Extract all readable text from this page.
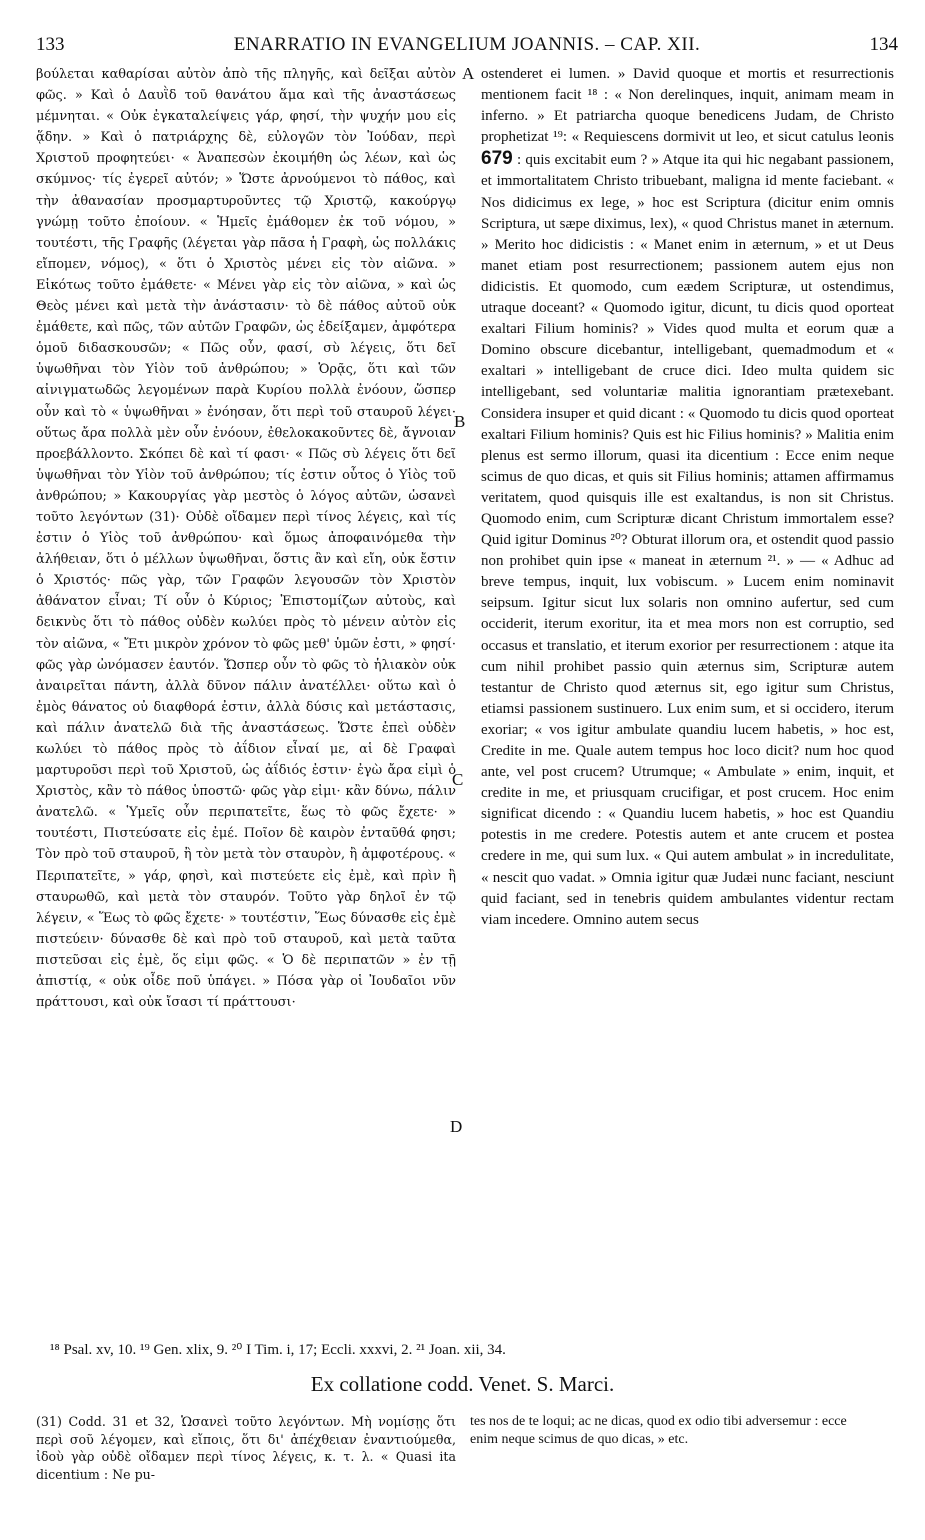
133	ENARRATIO IN EVANGELIUM JOANNIS. – CAP. XII.	134

βούλεται καθαρίσαι αὐτὸν ἀπὸ τῆς πληγῆς, καὶ δεῖξαι αὐτὸν φῶς. » Καὶ ὁ Δαυῒδ τοῦ θανάτου ἅμα καὶ τῆς ἀναστάσεως μέμνηται. « Οὐκ ἐγκαταλείψεις γάρ, φησί, τὴν ψυχήν μου εἰς ᾅδην. » Καὶ ὁ πατριάρχης δὲ, εὐλογῶν τὸν Ἰούδαν, περὶ Χριστοῦ προφητεύει· « Ἀναπεσὼν ἐκοιμήθη ὡς λέων, καὶ ὡς σκύμνος· τίς ἐγερεῖ αὐτόν; » Ὥστε ἀρνούμενοι τὸ πάθος, καὶ τὴν ἀθανασίαν προσμαρτυροῦντες τῷ Χριστῷ, κακούργῳ γνώμῃ τοῦτο ἐποίουν. « Ἡμεῖς ἐμάθομεν ἐκ τοῦ νόμου, » τουτέστι, τῆς Γραφῆς (λέγεται γὰρ πᾶσα ἡ Γραφὴ, ὡς πολλάκις εἴπομεν, νόμος), « ὅτι ὁ Χριστὸς μένει εἰς τὸν αἰῶνα. » Εἰκότως τοῦτο ἐμάθετε· « Μένει γὰρ εἰς τὸν αἰῶνα, » καὶ ὡς Θεὸς μένει καὶ μετὰ τὴν ἀνάστασιν· τὸ δὲ πάθος αὐτοῦ οὐκ ἐμάθετε, καὶ πῶς, τῶν αὐτῶν Γραφῶν, ὡς ἐδείξαμεν, ἀμφότερα ὁμοῦ διδασκουσῶν; « Πῶς οὖν, φασί, σὺ λέγεις, ὅτι δεῖ ὑψωθῆναι τὸν Υἱὸν τοῦ ἀνθρώπου; » Ὁρᾷς, ὅτι καὶ τῶν αἰνιγματωδῶς λεγομένων παρὰ Κυρίου πολλὰ ἐνόουν, ὥσπερ οὖν καὶ τὸ « ὑψωθῆναι » ἐνόησαν, ὅτι περὶ τοῦ σταυροῦ λέγει· οὕτως ἄρα πολλὰ μὲν οὖν ἐνόουν, ἐθελοκακοῦντες δὲ, ἄγνοιαν προεβάλλοντο. Σκόπει δὲ καὶ τί φασι· « Πῶς σὺ λέγεις ὅτι δεῖ ὑψωθῆναι τὸν Υἱὸν τοῦ ἀνθρώπου; τίς ἐστιν οὗτος ὁ Υἱὸς τοῦ ἀνθρώπου; » Κακουργίας γὰρ μεστὸς ὁ λόγος αὐτῶν, ὡσανεὶ τοῦτο λεγόντων (31)· Οὐδὲ οἴδαμεν περὶ τίνος λέγεις, καὶ τίς ἐστιν ὁ Υἱὸς τοῦ ἀνθρώπου· καὶ ὅμως ἀποφαινόμεθα τὴν ἀλήθειαν, ὅτι ὁ μέλλων ὑψωθῆναι, ὅστις ἂν καὶ εἴη, οὐκ ἔστιν ὁ Χριστός· πῶς γὰρ, τῶν Γραφῶν λεγουσῶν τὸν Χριστὸν ἀθάνατον εἶναι; Τί οὖν ὁ Κύριος; Ἐπιστομίζων αὐτοὺς, καὶ δεικνὺς ὅτι τὸ πάθος οὐδὲν κωλύει πρὸς τὸ μένειν αὐτὸν εἰς τὸν αἰῶνα, « Ἔτι μικρὸν χρόνον τὸ φῶς μεθ' ὑμῶν ἐστι, » φησί· φῶς γὰρ ὠνόμασεν ἑαυτόν. Ὥσπερ οὖν τὸ φῶς τὸ ἡλιακὸν οὐκ ἀναιρεῖται πάντη, ἀλλὰ δῦνον πάλιν ἀνατέλλει· οὕτω καὶ ὁ ἐμὸς θάνατος οὐ διαφθορά ἐστιν, ἀλλὰ δύσις καὶ μετάστασις, καὶ πάλιν ἀνατελῶ διὰ τῆς ἀναστάσεως. Ὥστε ἐπεὶ οὐδὲν κωλύει τὸ πάθος πρὸς τὸ ἀΐδιον εἶναί με, αἱ δὲ Γραφαὶ μαρτυροῦσι περὶ τοῦ Χριστοῦ, ὡς ἀΐδιός ἐστιν· ἐγὼ ἄρα εἰμὶ ὁ Χριστὸς, κἂν τὸ πάθος ὑποστῶ· φῶς γὰρ εἰμι· κἂν δύνω, πάλιν ἀνατελῶ. « Ὑμεῖς οὖν περιπατεῖτε, ἕως τὸ φῶς ἔχετε· » τουτέστι, Πιστεύσατε εἰς ἐμέ. Ποῖον δὲ καιρὸν ἐνταῦθά φησι; Τὸν πρὸ τοῦ σταυροῦ, ἢ τὸν μετὰ τὸν σταυρὸν, ἢ ἀμφοτέρους. « Περιπατεῖτε, » γάρ, φησὶ, καὶ πιστεύετε εἰς ἐμὲ, καὶ πρὶν ἢ σταυρωθῶ, καὶ μετὰ τὸν σταυρόν. Τοῦτο γὰρ δηλοῖ ἐν τῷ λέγειν, « Ἕως τὸ φῶς ἔχετε· » τουτέστιν, Ἕως δύνασθε εἰς ἐμὲ πιστεύειν· δύνασθε δὲ καὶ πρὸ τοῦ σταυροῦ, καὶ μετὰ ταῦτα πιστεῦσαι εἰς ἐμὲ, ὅς εἰμι φῶς. « Ὁ δὲ περιπατῶν » ἐν τῇ ἀπιστίᾳ, « οὐκ οἶδε ποῦ ὑπάγει. » Πόσα γὰρ οἱ Ἰουδαῖοι νῦν πράττουσι, καὶ οὐκ ἴσασι τί πράττουσι·

A
B
C
D

ostenderet ei lumen. » David quoque et mortis et resurrectionis mentionem facit ¹⁸ : « Non derelinques, inquit, animam meam in inferno. » Et patriarcha quoque benedicens Judam, de Christo prophetizat ¹⁹: « Requiescens dormivit ut leo, et sicut catulus leonis 679 : quis excitabit eum ? » Atque ita qui hic negabant passionem, et immortalitatem Christo tribuebant, maligna id mente faciebant. « Nos didicimus ex lege, » hoc est Scriptura (dicitur enim omnis Scriptura, ut sæpe diximus, lex), « quod Christus manet in æternum. » Merito hoc didicistis : « Manet enim in æternum, » et ut Deus manet etiam post resurrectionem; passionem autem ejus non didicistis. Et quomodo, cum eædem Scripturæ, ut ostendimus, utraque doceant? « Quomodo igitur, dicunt, tu dicis quod oporteat exaltari Filium hominis? » Vides quod multa et eorum quæ a Domino obscure dicebantur, intelligebant, quemadmodum et « exaltari » intelligebant de cruce dici. Ideo multa quidem sic intelligebant, sed voluntariæ malitia ignorantiam prætexebant. Considera insuper et quid dicant : « Quomodo tu dicis quod oporteat exaltari Filium hominis? Quis est hic Filius hominis? » Malitia enim plenus est sermo illorum, quasi ita dicentium : Ecce enim neque scimus de quo dicas, et quis sit Filius hominis; attamen affirmamus veritatem, quod quisquis ille est exaltandus, is non sit Christus. Quomodo enim, cum Scripturæ dicant Christum immortalem esse? Quid igitur Dominus ²⁰? Obturat illorum ora, et ostendit quod passio non prohibet quin ipse « maneat in æternum ²¹. » — « Adhuc ad breve tempus, inquit, lux vobiscum. » Lucem enim nominavit seipsum. Igitur sicut lux solaris non omnino aufertur, sed cum occiderit, iterum exoritur, ita et mea mors non est corruptio, sed occasus et translatio, et iterum exorior per resurrectionem : atque ita cum nihil prohibet passio quin æternus sim, Scripturæ autem testantur de Christo quod æternus sit, ego igitur sum Christus, etiamsi passionem sustinuero. Lux enim sum, et si occidero, iterum exoriar; « vos igitur ambulate quandiu lucem habetis, » hoc est, Credite in me. Quale autem tempus hoc loco dicit? num hoc quod ante, vel post crucem? Utrumque; « Ambulate » enim, inquit, et credite in me, et priusquam crucifigar, et post crucem. Hoc enim significat dicendo : « Quandiu lucem habetis, » hoc est Quandiu potestis in me credere. Potestis autem et ante crucem et postea credere in me, qui sum lux. « Qui autem ambulat » in incredulitate, « nescit quo vadat. » Omnia igitur quæ Judæi nunc faciant, nesciunt quid faciant, sed in tenebris quidem ambulantes videntur rectam viam incedere. Omnino autem secus

¹⁸ Psal. xv, 10. ¹⁹ Gen. xlix, 9. ²⁰ I Tim. i, 17; Eccli. xxxvi, 2. ²¹ Joan. xii, 34.
Ex collatione codd. Venet. S. Marci.
(31) Codd. 31 et 32, Ὡσανεὶ τοῦτο λεγόντων. Μὴ νομίσῃς ὅτι περὶ σοῦ λέγομεν, καὶ εἴποις, ὅτι δι' ἀπέχθειαν ἐναντιούμεθα, ἰδοὺ γὰρ οὐδὲ οἴδαμεν περὶ τίνος λέγεις, κ. τ. λ. « Quasi ita dicentium : Ne pu-
tes nos de te loqui; ac ne dicas, quod ex odio tibi adversemur : ecce enim neque scimus de quo dicas, » etc.
